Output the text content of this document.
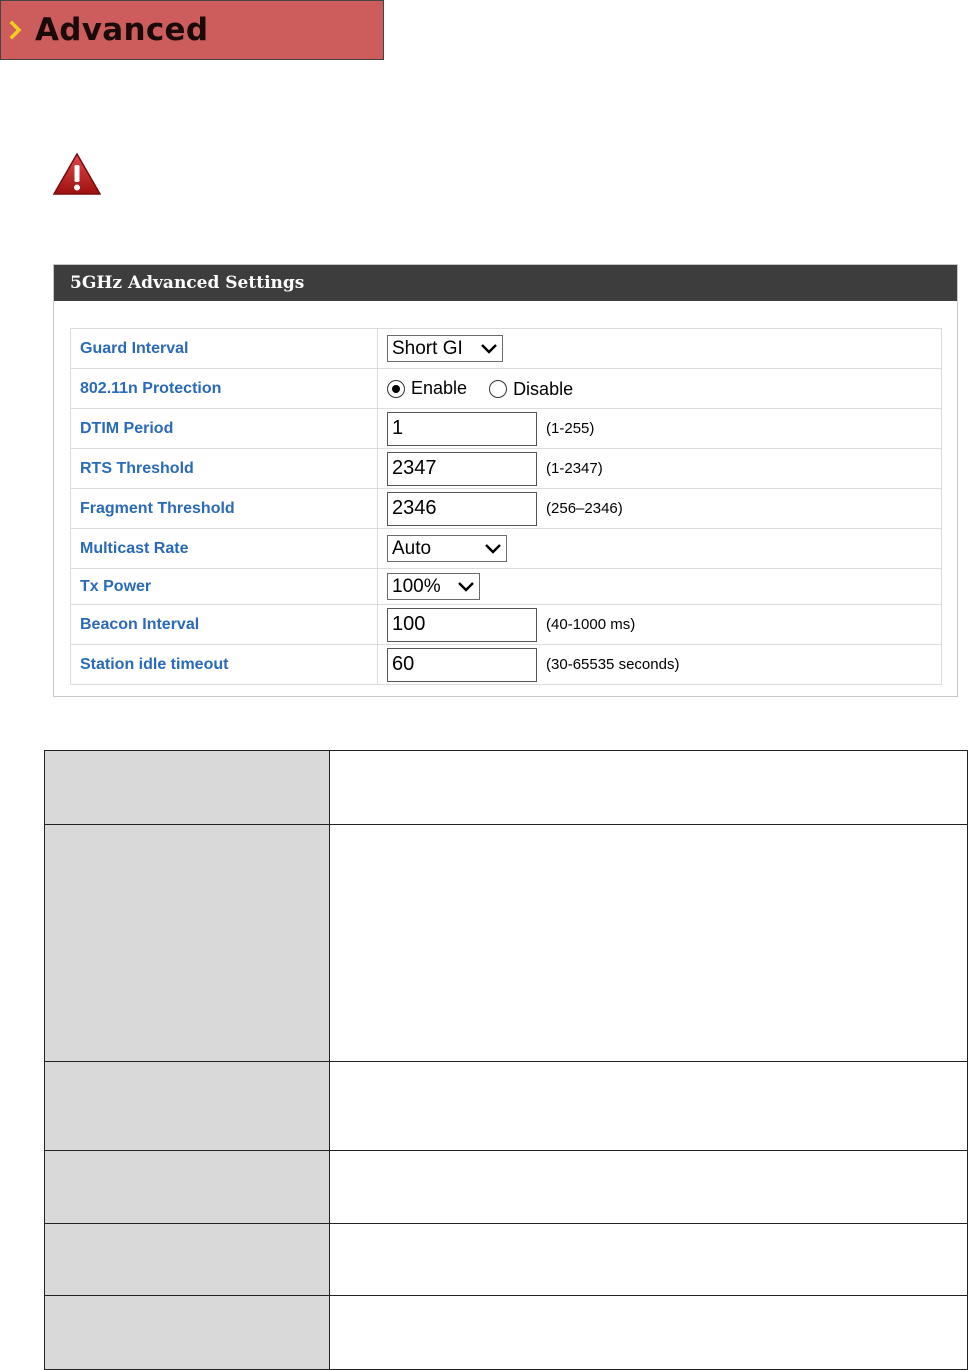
Advanced
5GHz Advanced Settings
Guard Interval	Short GI

802.11n Protection	Enable Disable
DTIM Period	1 (1-255)
RTS Threshold	2347 (1-2347)
Fragment Threshold	2346 (256–2346)
Multicast Rate	Auto

Tx Power	100%

Beacon Interval	100 (40-1000 ms)
Station idle timeout	60 (30-65535 seconds)
